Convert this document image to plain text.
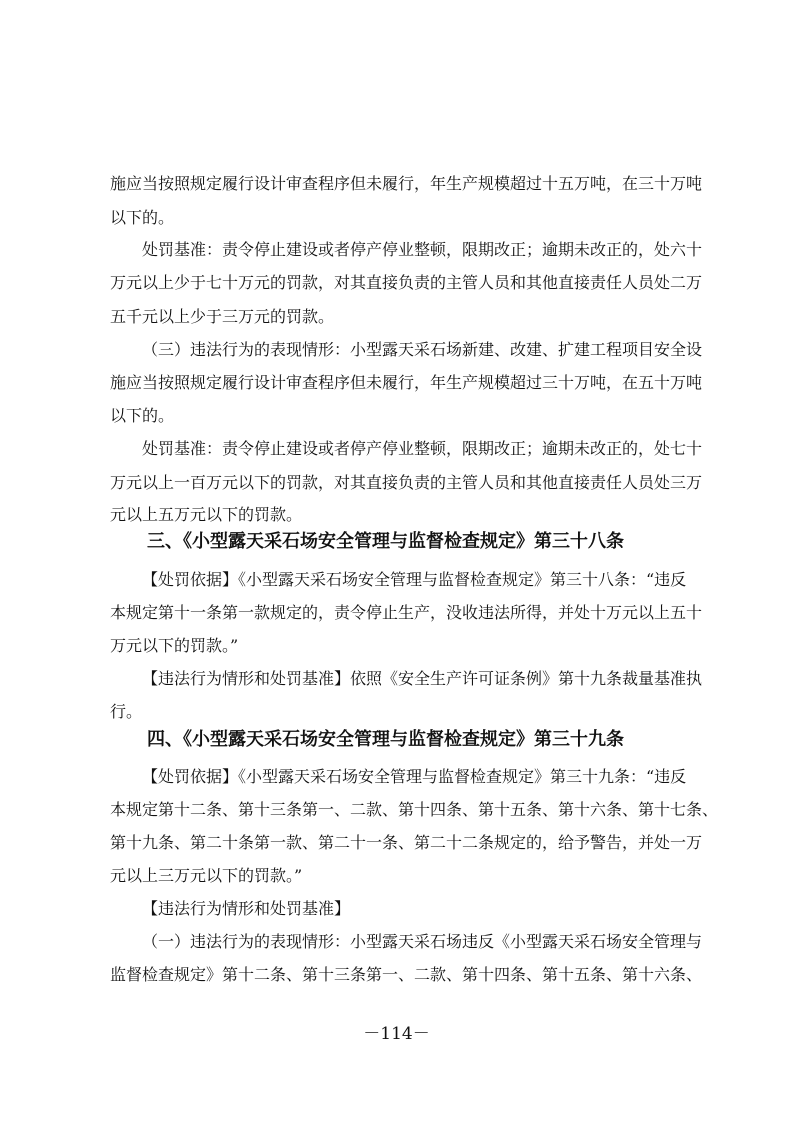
施应当按照规定履行设计审查程序但未履行，年生产规模超过十五万吨，在三十万吨
以下的。
处罚基准：责令停止建设或者停产停业整顿，限期改正；逾期未改正的，处六十
万元以上少于七十万元的罚款，对其直接负责的主管人员和其他直接责任人员处二万
五千元以上少于三万元的罚款。
（三）违法行为的表现情形：小型露天采石场新建、改建、扩建工程项目安全设
施应当按照规定履行设计审查程序但未履行，年生产规模超过三十万吨，在五十万吨
以下的。
处罚基准：责令停止建设或者停产停业整顿，限期改正；逾期未改正的，处七十
万元以上一百万元以下的罚款，对其直接负责的主管人员和其他直接责任人员处三万
元以上五万元以下的罚款。
三、《小型露天采石场安全管理与监督检查规定》第三十八条
【处罚依据】《小型露天采石场安全管理与监督检查规定》第三十八条：“违反
本规定第十一条第一款规定的，责令停止生产，没收违法所得，并处十万元以上五十
万元以下的罚款。”
【违法行为情形和处罚基准】依照《安全生产许可证条例》第十九条裁量基准执
行。
四、《小型露天采石场安全管理与监督检查规定》第三十九条
【处罚依据】《小型露天采石场安全管理与监督检查规定》第三十九条：“违反
本规定第十二条、第十三条第一、二款、第十四条、第十五条、第十六条、第十七条、
第十九条、第二十条第一款、第二十一条、第二十二条规定的，给予警告，并处一万
元以上三万元以下的罚款。”
【违法行为情形和处罚基准】
（一）违法行为的表现情形：小型露天采石场违反《小型露天采石场安全管理与
监督检查规定》第十二条、第十三条第一、二款、第十四条、第十五条、第十六条、
－114－
